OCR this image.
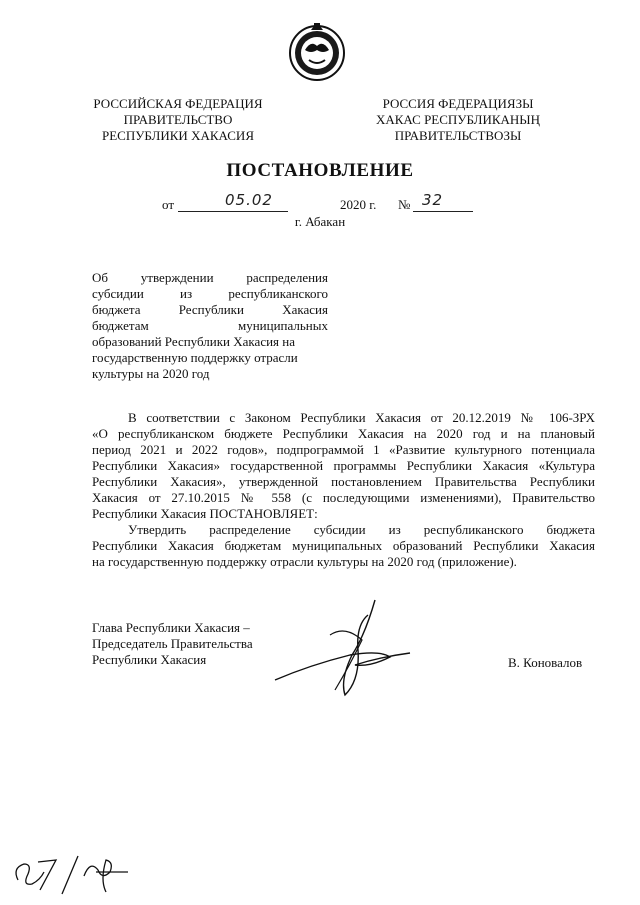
РОССИЙСКАЯ ФЕДЕРАЦИЯ
ПРАВИТЕЛЬСТВО
РЕСПУБЛИКИ ХАКАСИЯ
РОССИЯ ФЕДЕРАЦИЯЗЫ
ХАКАС РЕСПУБЛИКАНЫҢ
ПРАВИТЕЛЬСТВОЗЫ
ПОСТАНОВЛЕНИЕ
от	05.02	2020 г. № 32
г. Абакан
Об утверждении распределения
субсидии из республиканского
бюджета Республики Хакасия
бюджетам муниципальных
образований Республики Хакасия на
государственную поддержку отрасли
культуры на 2020 год
В соответствии с Законом Республики Хакасия от 20.12.2019 № 106-ЗРХ
«О республиканском бюджете Республики Хакасия на 2020 год и на плановый
период 2021 и 2022 годов», подпрограммой 1 «Развитие культурного потенциала
Республики Хакасия» государственной программы Республики Хакасия «Культура
Республики Хакасия», утвержденной постановлением Правительства Республики
Хакасия от 27.10.2015 № 558 (с последующими изменениями), Правительство
Республики Хакасия ПОСТАНОВЛЯЕТ:
Утвердить распределение субсидии из республиканского бюджета
Республики Хакасия бюджетам муниципальных образований Республики Хакасия
на государственную поддержку отрасли культуры на 2020 год (приложение).
Глава Республики Хакасия –
Председатель Правительства
Республики Хакасия	В. Коновалов
